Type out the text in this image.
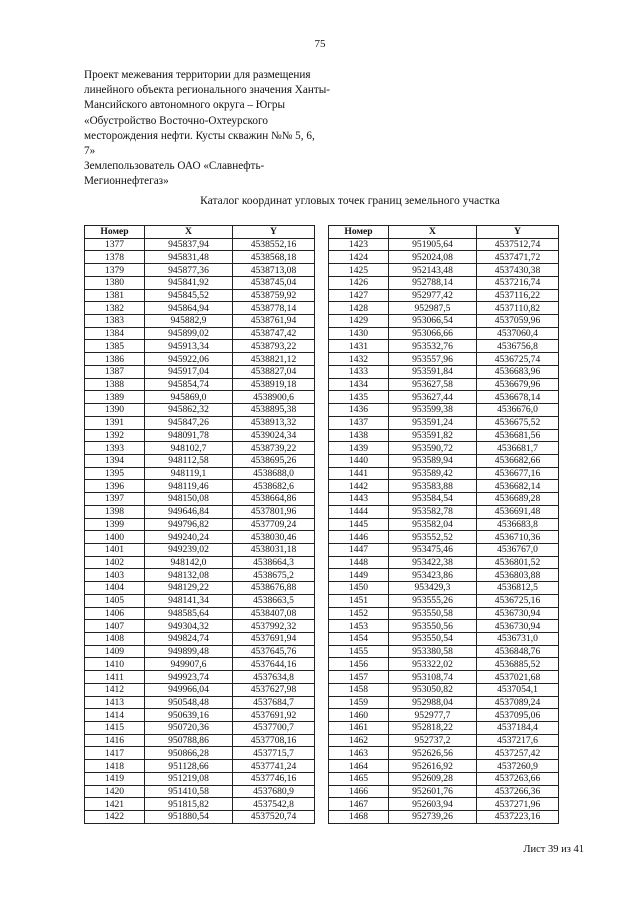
75
Проект межевания территории для размещения
линейного объекта регионального значения Ханты-
Мансийского автономного округа – Югры
«Обустройство Восточно-Охтеурского
месторождения нефти. Кусты скважин №№ 5, 6,
7»
Землепользователь ОАО «Славнефть-
Мегионнефтегаз»
Каталог координат угловых точек границ земельного участка
Номер	X	Y
1377	945837,94	4538552,16
1378	945831,48	4538568,18
1379	945877,36	4538713,08
1380	945841,92	4538745,04
1381	945845,52	4538759,92
1382	945864,94	4538778,14
1383	945882,9	4538761,94
1384	945899,02	4538747,42
1385	945913,34	4538793,22
1386	945922,06	4538821,12
1387	945917,04	4538827,04
1388	945854,74	4538919,18
1389	945869,0	4538900,6
1390	945862,32	4538895,38
1391	945847,26	4538913,32
1392	948091,78	4539024,34
1393	948102,7	4538739,22
1394	948112,58	4538695,26
1395	948119,1	4538688,0
1396	948119,46	4538682,6
1397	948150,08	4538664,86
1398	949646,84	4537801,96
1399	949796,82	4537709,24
1400	949240,24	4538030,46
1401	949239,02	4538031,18
1402	948142,0	4538664,3
1403	948132,08	4538675,2
1404	948129,22	4538676,88
1405	948141,34	4538663,5
1406	948585,64	4538407,08
1407	949304,32	4537992,32
1408	949824,74	4537691,94
1409	949899,48	4537645,76
1410	949907,6	4537644,16
1411	949923,74	4537634,8
1412	949966,04	4537627,98
1413	950548,48	4537684,7
1414	950639,16	4537691,92
1415	950720,36	4537700,7
1416	950788,86	4537708,16
1417	950866,28	4537715,7
1418	951128,66	4537741,24
1419	951219,08	4537746,16
1420	951410,58	4537680,9
1421	951815,82	4537542,8
1422	951880,54	4537520,74
Номер	X	Y
1423	951905,64	4537512,74
1424	952024,08	4537471,72
1425	952143,48	4537430,38
1426	952788,14	4537216,74
1427	952977,42	4537116,22
1428	952987,5	4537110,82
1429	953066,54	4537059,96
1430	953066,66	4537060,4
1431	953532,76	4536756,8
1432	953557,96	4536725,74
1433	953591,84	4536683,96
1434	953627,58	4536679,96
1435	953627,44	4536678,14
1436	953599,38	4536676,0
1437	953591,24	4536675,52
1438	953591,82	4536681,56
1439	953590,72	4536681,7
1440	953589,94	4536682,66
1441	953589,42	4536677,16
1442	953583,88	4536682,14
1443	953584,54	4536689,28
1444	953582,78	4536691,48
1445	953582,04	4536683,8
1446	953552,52	4536710,36
1447	953475,46	4536767,0
1448	953422,38	4536801,52
1449	953423,86	4536803,88
1450	953429,3	4536812,5
1451	953555,26	4536725,16
1452	953550,58	4536730,94
1453	953550,56	4536730,94
1454	953550,54	4536731,0
1455	953380,58	4536848,76
1456	953322,02	4536885,52
1457	953108,74	4537021,68
1458	953050,82	4537054,1
1459	952988,04	4537089,24
1460	952977,7	4537095,06
1461	952818,22	4537184,4
1462	952737,2	4537217,6
1463	952626,56	4537257,42
1464	952616,92	4537260,9
1465	952609,28	4537263,66
1466	952601,76	4537266,36
1467	952603,94	4537271,96
1468	952739,26	4537223,16
Лист 39 из 41
